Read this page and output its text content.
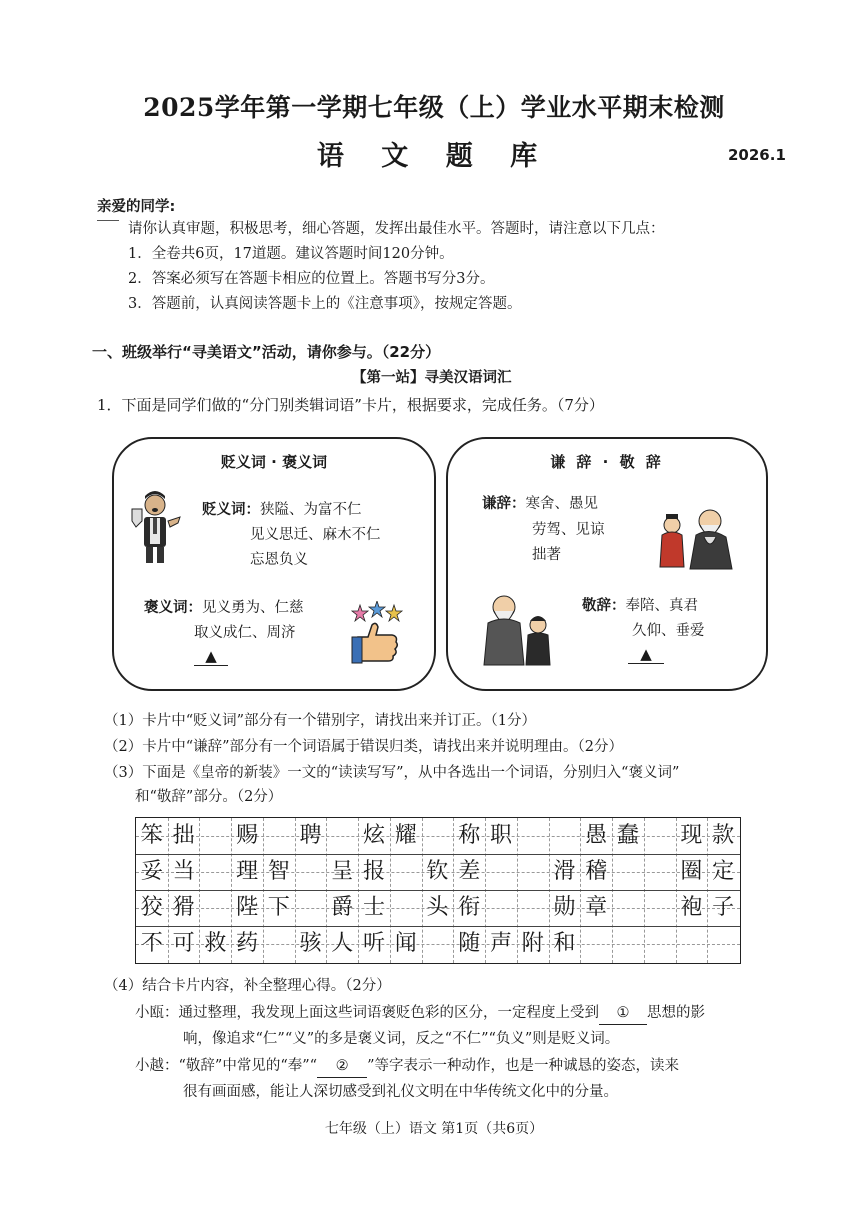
2025学年第一学期七年级（上）学业水平期末检测
语 文 题 库	2026.1
亲爱的同学:
请你认真审题，积极思考，细心答题，发挥出最佳水平。答题时，请注意以下几点：
1．全卷共6页，17道题。建议答题时间120分钟。
2．答案必须写在答题卡相应的位置上。答题书写分3分。
3．答题前，认真阅读答题卡上的《注意事项》，按规定答题。
一、班级举行“寻美语文”活动，请你参与。（22分）
【第一站】寻美汉语词汇
1．下面是同学们做的“分门别类辑词语”卡片，根据要求，完成任务。（7分）
贬义词 · 褒义词
贬义词：狭隘、为富不仁
见义思迁、麻木不仁
忘恩负义
褒义词：见义勇为、仁慈
取义成仁、周济
▲
谦 辞 · 敬 辞
谦辞：寒舍、愚见
劳驾、见谅
拙著
敬辞：奉陪、真君
久仰、垂爱
▲
（1）卡片中“贬义词”部分有一个错别字，请找出来并订正。（1分）
（2）卡片中“谦辞”部分有一个词语属于错误归类，请找出来并说明理由。（2分）
（3）下面是《皇帝的新装》一文的“读读写写”，从中各选出一个词语，分别归入“褒义词”
和“敬辞”部分。（2分）
笨 拙	赐	聘	炫 耀	称 职	愚 蠢	现 款
妥 当	理 智	呈 报	钦 差	滑 稽	圈 定
狡 猾	陛 下	爵 士	头 衔	勋 章	袍 子
不 可 救 药	骇 人 听 闻	随 声 附 和
（4）结合卡片内容，补全整理心得。（2分）
小瓯：通过整理，我发现上面这些词语褒贬色彩的区分，一定程度上受到 ① 思想的影
响，像追求“仁”“义”的多是褒义词，反之“不仁”“负义”则是贬义词。
小越：“敬辞”中常见的“奉”“ ② ”等字表示一种动作，也是一种诚恳的姿态，读来
很有画面感，能让人深切感受到礼仪文明在中华传统文化中的分量。
七年级（上）语文 第1页（共6页）
